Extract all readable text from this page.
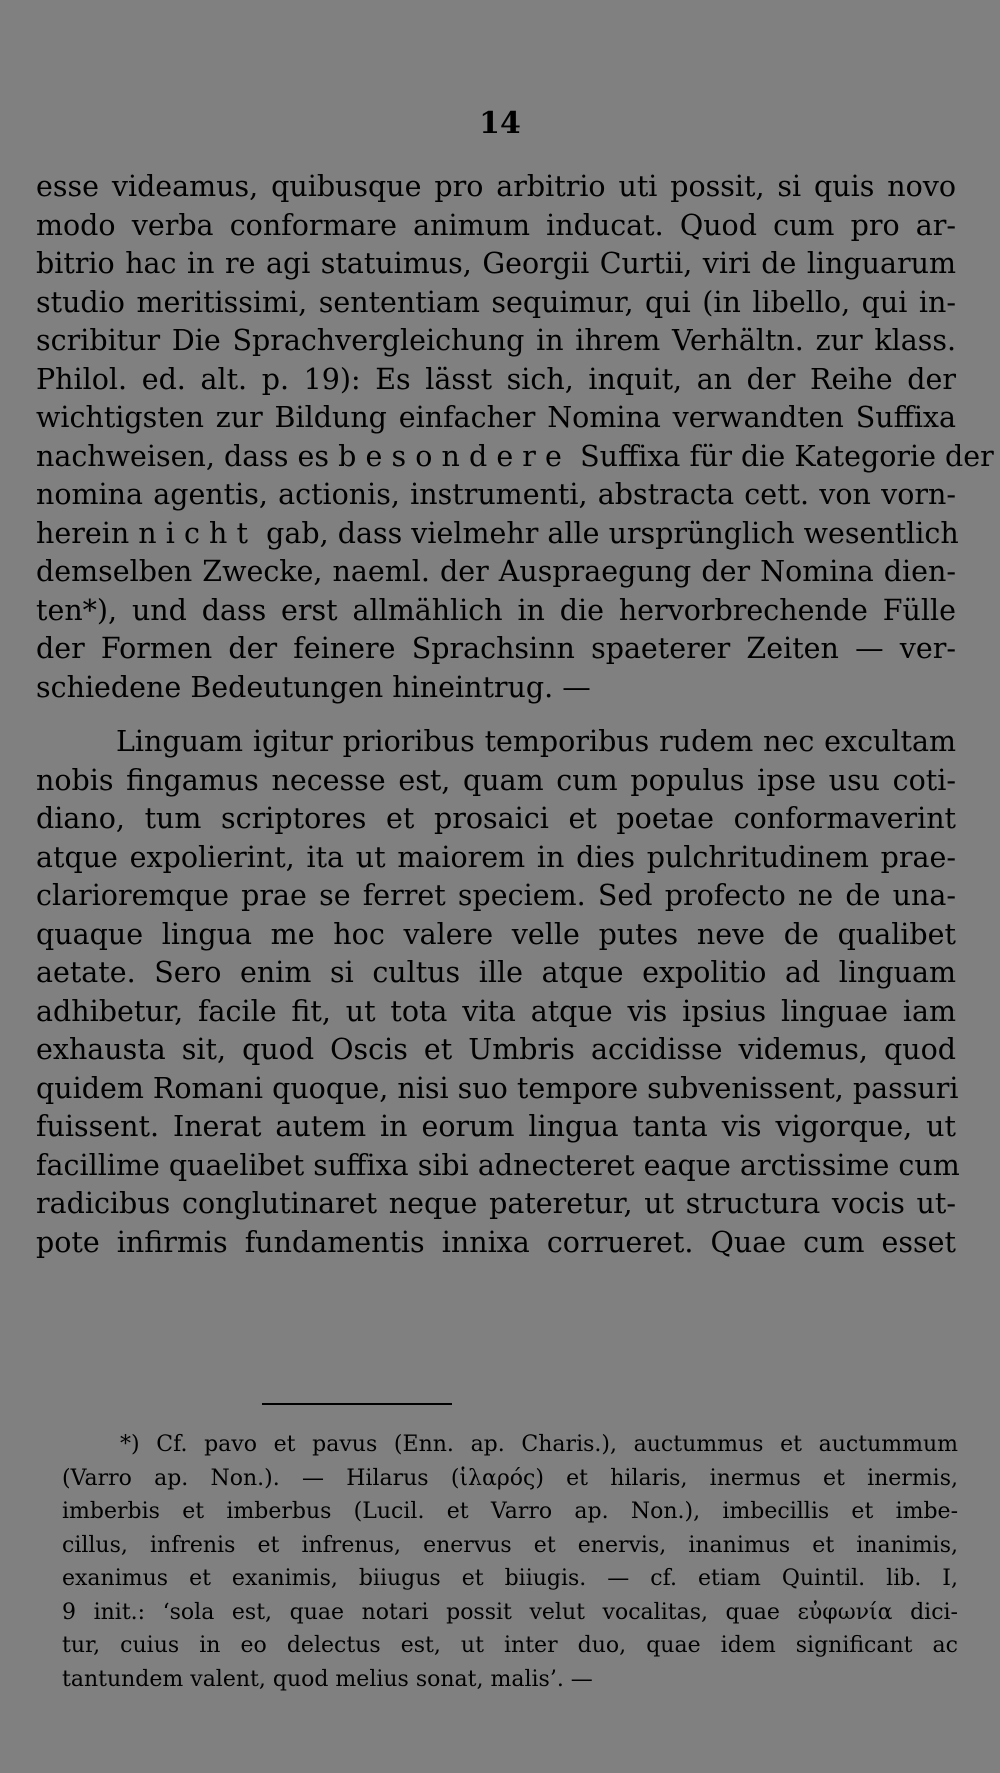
14
esse videamus, quibusque pro arbitrio uti possit, si quis novo
modo verba conformare animum inducat. Quod cum pro ar-
bitrio hac in re agi statuimus, Georgii Curtii, viri de linguarum
studio meritissimi, sententiam sequimur, qui (in libello, qui in-
scribitur Die Sprachvergleichung in ihrem Verhältn. zur klass.
Philol. ed. alt. p. 19): Es lässt sich, inquit, an der Reihe der
wichtigsten zur Bildung einfacher Nomina verwandten Suffixa
nachweisen, dass es besondere Suffixa für die Kategorie der
nomina agentis, actionis, instrumenti, abstracta cett. von vorn-
herein nicht gab, dass vielmehr alle ursprünglich wesentlich
demselben Zwecke, naeml. der Auspraegung der Nomina dien-
ten*), und dass erst allmählich in die hervorbrechende Fülle
der Formen der feinere Sprachsinn spaeterer Zeiten — ver-
schiedene Bedeutungen hineintrug. —
Linguam igitur prioribus temporibus rudem nec excultam
nobis fingamus necesse est, quam cum populus ipse usu coti-
diano, tum scriptores et prosaici et poetae conformaverint
atque expolierint, ita ut maiorem in dies pulchritudinem prae-
clarioremque prae se ferret speciem. Sed profecto ne de una-
quaque lingua me hoc valere velle putes neve de qualibet
aetate. Sero enim si cultus ille atque expolitio ad linguam
adhibetur, facile fit, ut tota vita atque vis ipsius linguae iam
exhausta sit, quod Oscis et Umbris accidisse videmus, quod
quidem Romani quoque, nisi suo tempore subvenissent, passuri
fuissent. Inerat autem in eorum lingua tanta vis vigorque, ut
facillime quaelibet suffixa sibi adnecteret eaque arctissime cum
radicibus conglutinaret neque pateretur, ut structura vocis ut-
pote infirmis fundamentis innixa corrueret. Quae cum esset
*) Cf. pavo et pavus (Enn. ap. Charis.), auctummus et auctummum
(Varro ap. Non.). — Hilarus (ἱλαρός) et hilaris, inermus et inermis,
imberbis et imberbus (Lucil. et Varro ap. Non.), imbecillis et imbe-
cillus, infrenis et infrenus, enervus et enervis, inanimus et inanimis,
exanimus et exanimis, biiugus et biiugis. — cf. etiam Quintil. lib. I,
9 init.: ‘sola est, quae notari possit velut vocalitas, quae εὐφωνία dici-
tur, cuius in eo delectus est, ut inter duo, quae idem significant ac
tantundem valent, quod melius sonat, malis’. —
